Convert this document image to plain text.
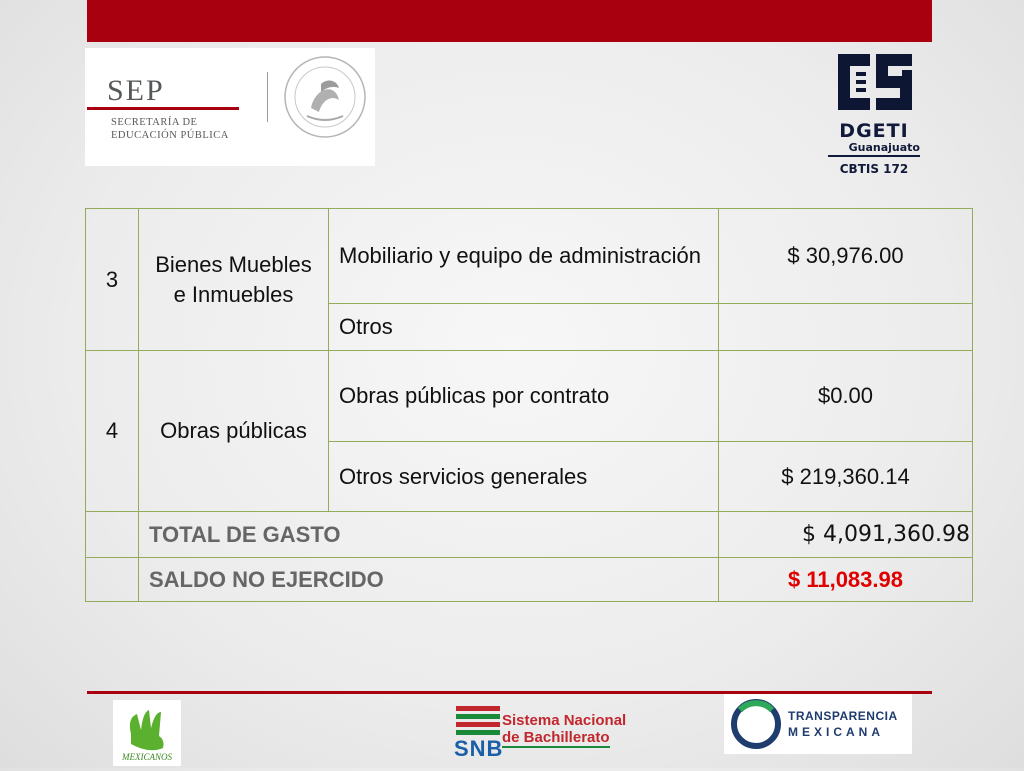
SEP
SECRETARÍA DE EDUCACIÓN PÚBLICA	DGETI
Guanajuato
CBTIS 172
3	Bienes Muebles e Inmuebles	Mobiliario y equipo de administración	$ 30,976.00
		Otros	
4	Obras públicas	Obras públicas por contrato	$0.00
		Otros servicios generales	$ 219,360.14
	TOTAL DE GASTO		$ 4,091,360.98
	SALDO NO EJERCIDO		$ 11,083.98
MEXICANOS
Sistema Nacional
de Bachillerato
SNB
TRANSPARENCIA
MEXICANA
